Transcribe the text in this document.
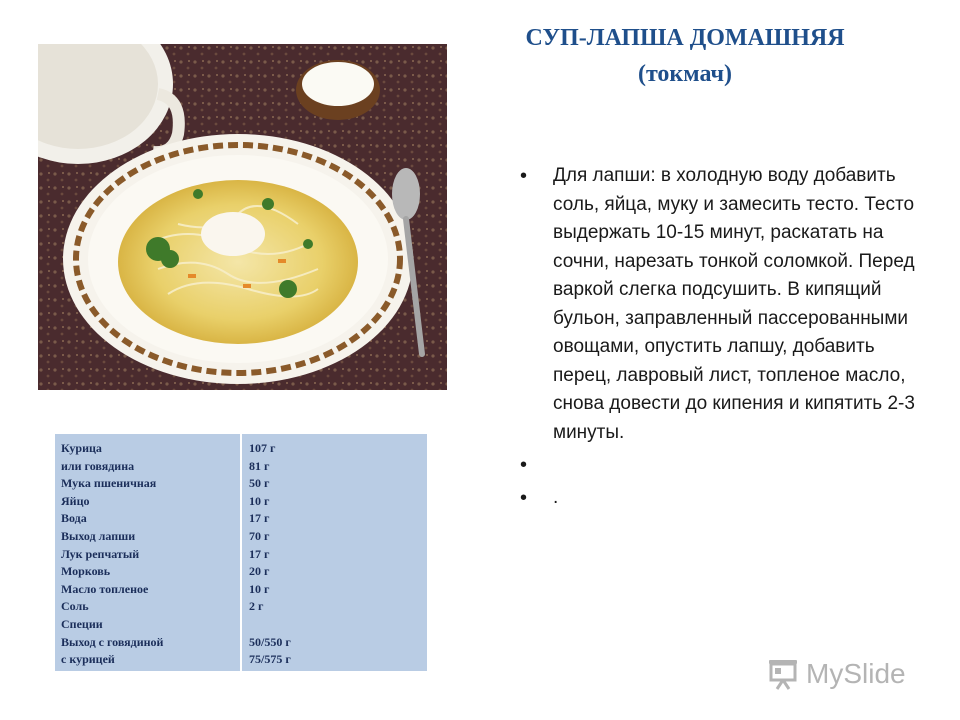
СУП-ЛАПША ДОМАШНЯЯ
(токмач)
• Для лапши: в холодную воду добавить соль, яйца, муку и замесить тесто. Тесто выдержать 10-15 минут, раскатать на сочни, нарезать тонкой соломкой. Перед варкой слегка подсушить. В кипящий бульон, заправленный пассерованными овощами, опустить лапшу, добавить перец, лавровый лист, топленое масло, снова довести до кипения и кипятить 2-3 минуты.
•
• .
Курица
или говядина
Мука пшеничная
Яйцо
Вода
Выход лапши
Лук репчатый
Морковь
Масло топленое
Соль
Специи
Выход с говядиной
с курицей
107 г
81 г
50 г
10 г
17 г
70 г
17 г
20 г
10 г
2 г
50/550 г
75/575 г	MySlide
